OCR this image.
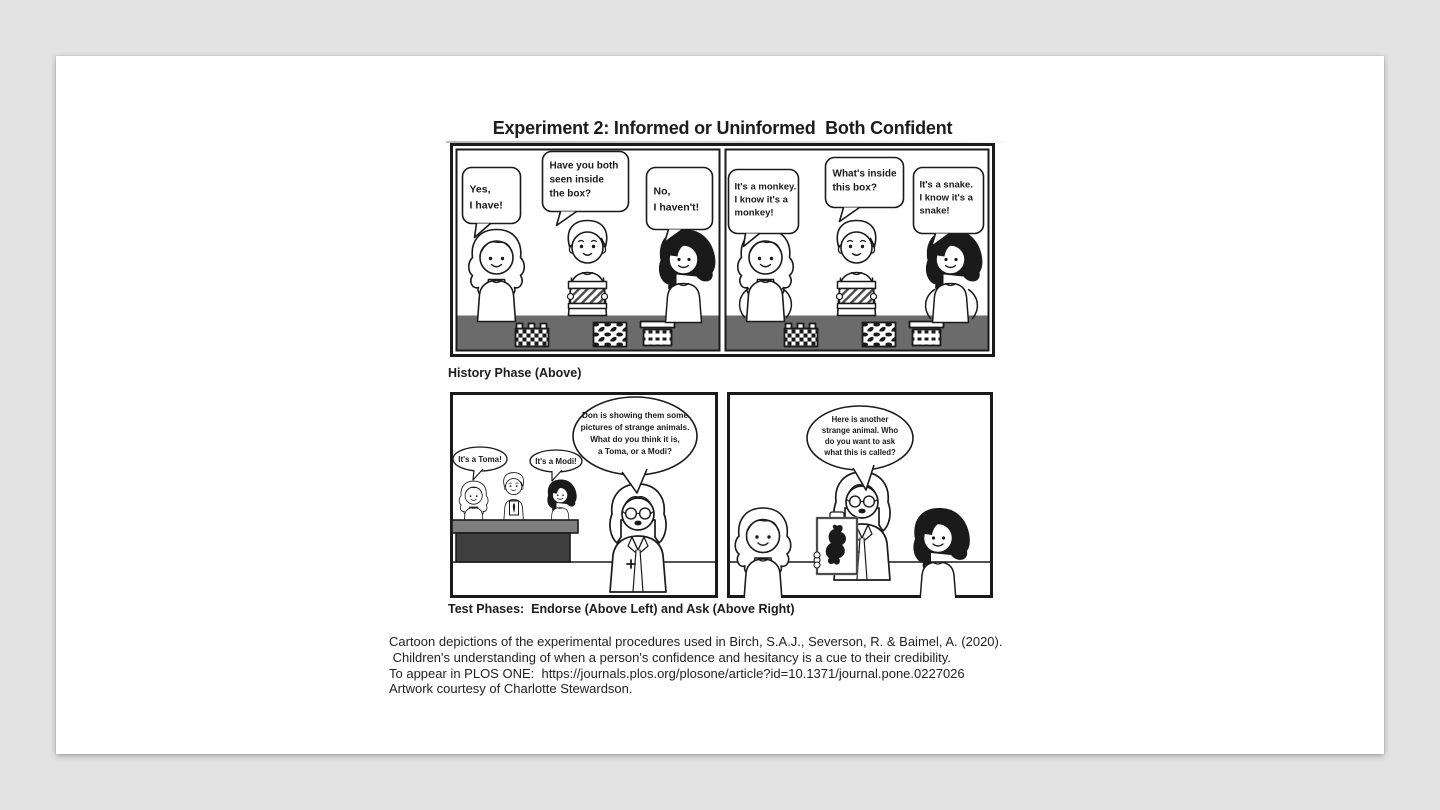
Experiment 2: Informed or Uninformed  Both Confident
Yes,
I have!
Have you both
seen inside
the box?	No,
I haven't!
It's a monkey.
I know it's a
monkey!
What's inside
this box?	It's a snake.
I know it's a
snake!
History Phase (Above)
It's a Toma!	It's a Modi!
Don is showing them some
pictures of strange animals.
What do you think it is,
a Toma, or a Modi?
Here is another
strange animal. Who
do you want to ask
what this is called?
Test Phases:  Endorse (Above Left) and Ask (Above Right)
Cartoon depictions of the experimental procedures used in Birch, S.A.J., Severson, R. & Baimel, A. (2020).
Children's understanding of when a person's confidence and hesitancy is a cue to their credibility.
To appear in PLOS ONE:  https://journals.plos.org/plosone/article?id=10.1371/journal.pone.0227026
Artwork courtesy of Charlotte Stewardson.
